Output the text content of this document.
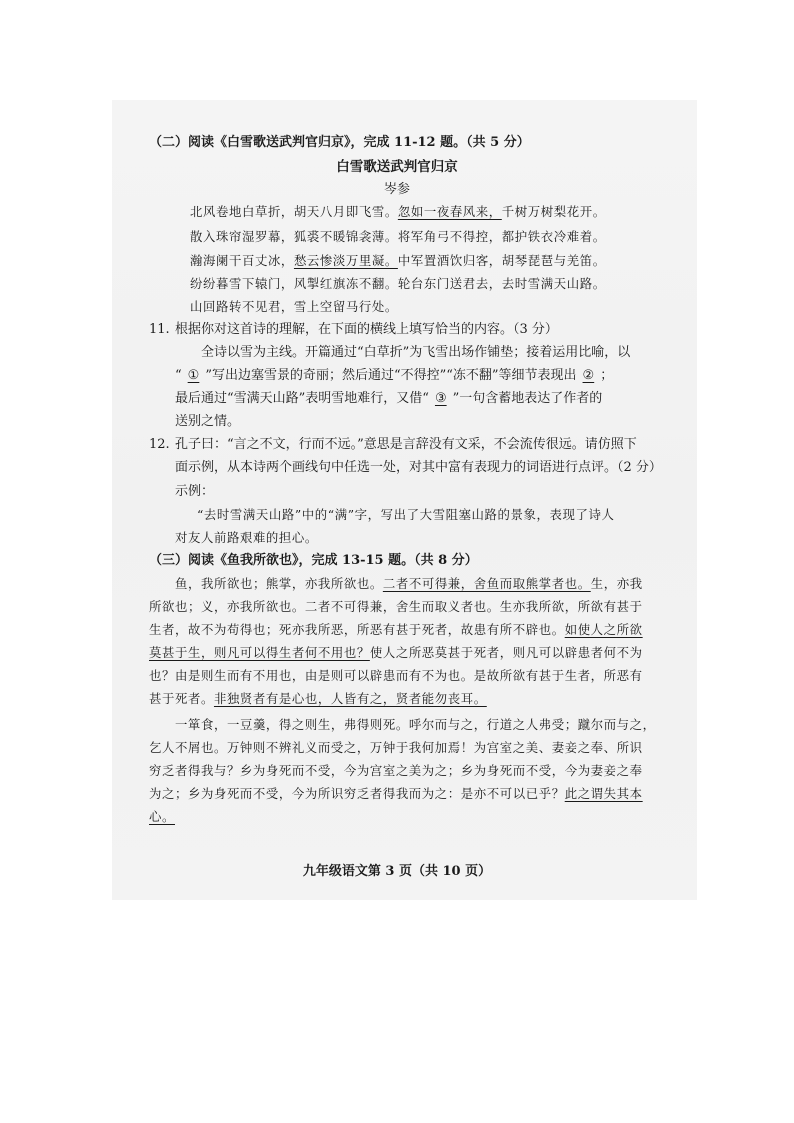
（二）阅读《白雪歌送武判官归京》，完成 11-12 题。（共 5 分）
白雪歌送武判官归京
岑参
北风卷地白草折，胡天八月即飞雪。忽如一夜春风来，千树万树梨花开。
散入珠帘湿罗幕，狐裘不暖锦衾薄。将军角弓不得控，都护铁衣冷难着。
瀚海阑干百丈冰，愁云惨淡万里凝。中军置酒饮归客，胡琴琵琶与羌笛。
纷纷暮雪下辕门，风掣红旗冻不翻。轮台东门送君去，去时雪满天山路。
山回路转不见君，雪上空留马行处。
11. 根据你对这首诗的理解，在下面的横线上填写恰当的内容。（3 分）
全诗以雪为主线。开篇通过“白草折”为飞雪出场作铺垫；接着运用比喻，以
“ ① ”写出边塞雪景的奇丽；然后通过“不得控”“冻不翻”等细节表现出 ② ；
最后通过“雪满天山路”表明雪地难行，又借“ ③ ”一句含蓄地表达了作者的
送别之情。
12. 孔子曰：“言之不文，行而不远。”意思是言辞没有文采，不会流传很远。请仿照下
面示例，从本诗两个画线句中任选一处，对其中富有表现力的词语进行点评。（2 分）
示例：
“去时雪满天山路”中的“满”字，写出了大雪阻塞山路的景象，表现了诗人
对友人前路艰难的担心。
（三）阅读《鱼我所欲也》，完成 13-15 题。（共 8 分）
鱼，我所欲也；熊掌，亦我所欲也。二者不可得兼，舍鱼而取熊掌者也。生，亦我
所欲也；义，亦我所欲也。二者不可得兼，舍生而取义者也。生亦我所欲，所欲有甚于
生者，故不为苟得也；死亦我所恶，所恶有甚于死者，故患有所不辟也。如使人之所欲
莫甚于生，则凡可以得生者何不用也？使人之所恶莫甚于死者，则凡可以辟患者何不为
也？由是则生而有不用也，由是则可以辟患而有不为也。是故所欲有甚于生者，所恶有
甚于死者。非独贤者有是心也，人皆有之，贤者能勿丧耳。
一箪食，一豆羹，得之则生，弗得则死。呼尔而与之，行道之人弗受；蹴尔而与之，
乞人不屑也。万钟则不辨礼义而受之，万钟于我何加焉！为宫室之美、妻妾之奉、所识
穷乏者得我与？乡为身死而不受，今为宫室之美为之；乡为身死而不受，今为妻妾之奉
为之；乡为身死而不受，今为所识穷乏者得我而为之：是亦不可以已乎？此之谓失其本
心。
九年级语文第 3 页（共 10 页）
